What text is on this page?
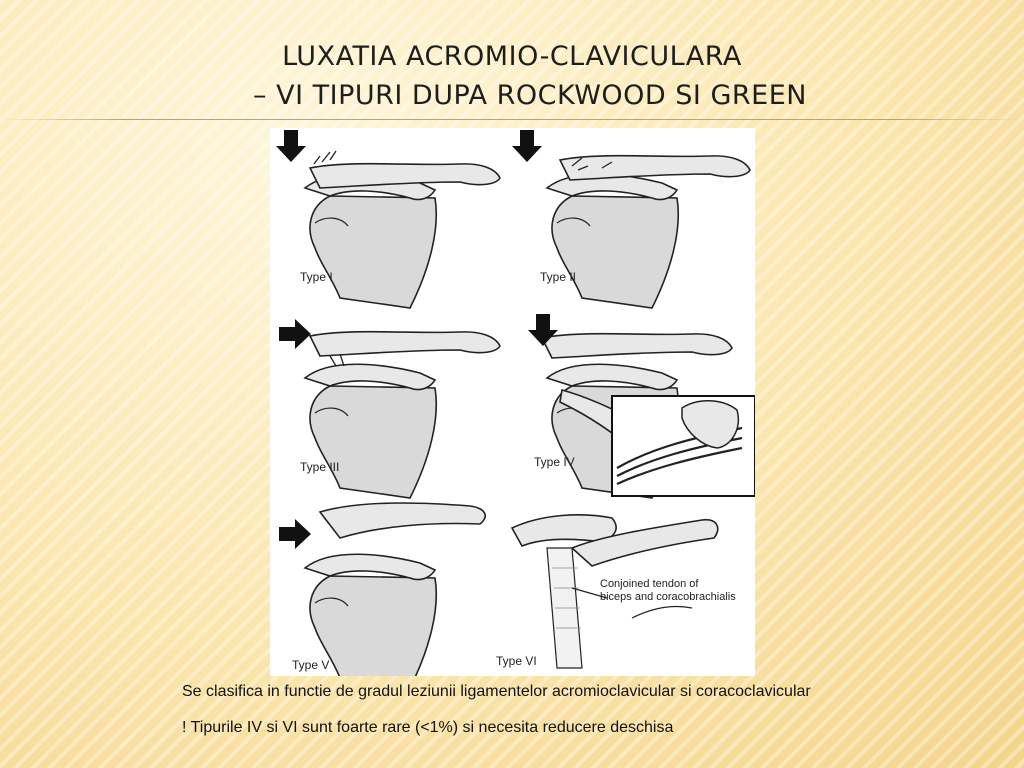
LUXATIA ACROMIO-CLAVICULARA
– VI TIPURI DUPA ROCKWOOD SI GREEN
Type I	Type II
Type III	Type IV
Type V	Type VI
Conjoined tendon of
biceps and coracobrachialis
Se clasifica in functie de gradul leziunii ligamentelor acromioclavicular si coracoclavicular
! Tipurile IV si VI sunt foarte rare (<1%) si necesita reducere deschisa
